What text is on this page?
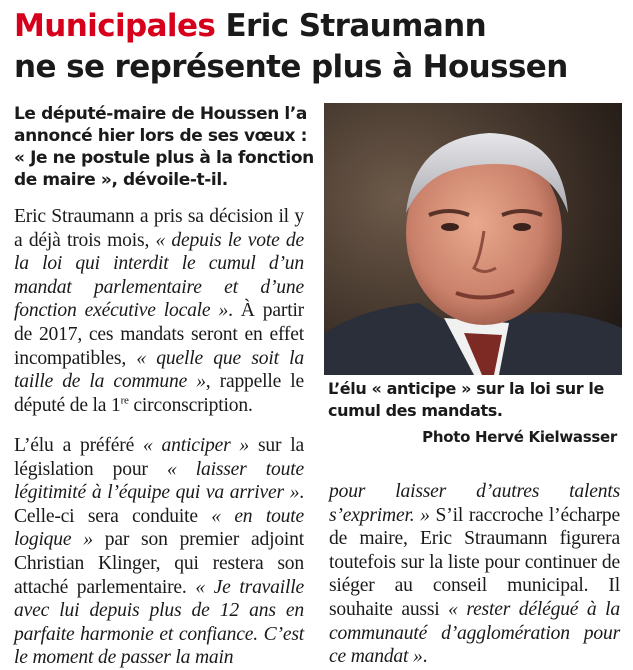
Municipales Eric Straumann
ne se représente plus à Houssen

Le député-maire de Houssen l’a annoncé hier lors de ses vœux : « Je ne postule plus à la fonction de maire », dévoile-t-il.

Eric Straumann a pris sa décision il y a déjà trois mois, « depuis le vote de la loi qui interdit le cumul d’un mandat parlementaire et d’une fonction exécutive locale ». À partir de 2017, ces mandats seront en effet incompatibles, « quelle que soit la taille de la commune », rappelle le député de la 1re circonscription.

L’élu a préféré « anticiper » sur la législation pour « laisser toute légitimité à l’équipe qui va arriver ». Celle-ci sera conduite « en toute logique » par son premier adjoint Christian Klinger, qui restera son attaché parlementaire. « Je travaille avec lui depuis plus de 12 ans en parfaite harmonie et confiance. C’est le moment de passer la main

L’élu « anticipe » sur la loi sur le cumul des mandats.

Photo Hervé Kielwasser

pour laisser d’autres talents s’exprimer. » S’il raccroche l’écharpe de maire, Eric Straumann figurera toutefois sur la liste pour continuer de siéger au conseil municipal. Il souhaite aussi « rester délégué à la communauté d’agglomération pour ce mandat ».
